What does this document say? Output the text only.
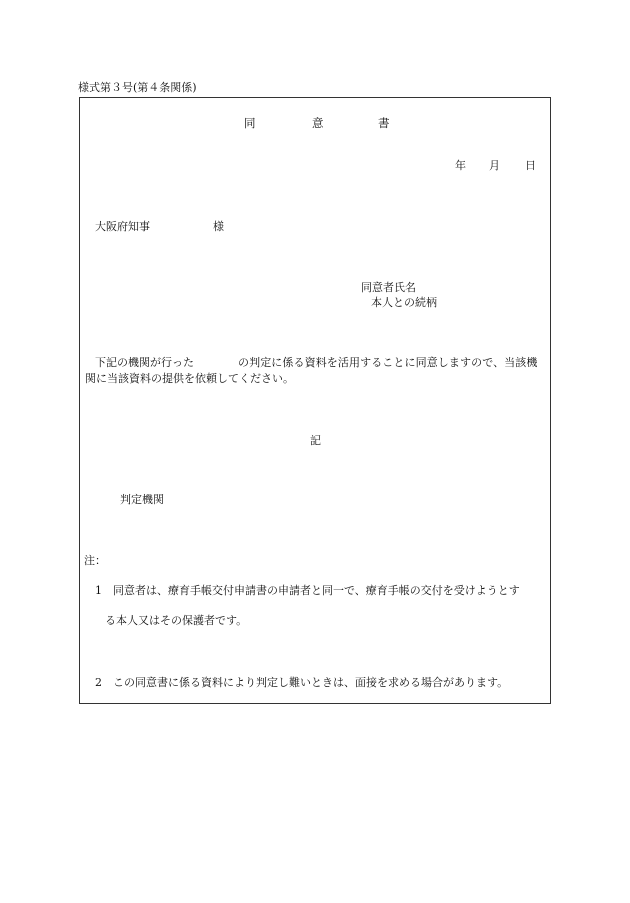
様式第３号(第４条関係)
同	意	書
年 月 日
大阪府知事	様
同意者氏名
本人との続柄
下記の機関が行った	の判定に係る資料を活用することに同意しますので、当該機
関に当該資料の提供を依頼してください。
記
判定機関
注：
1 同意者は、療育手帳交付申請書の申請者と同一で、療育手帳の交付を受けようとす
る本人又はその保護者です。
2 この同意書に係る資料により判定し難いときは、面接を求める場合があります。
